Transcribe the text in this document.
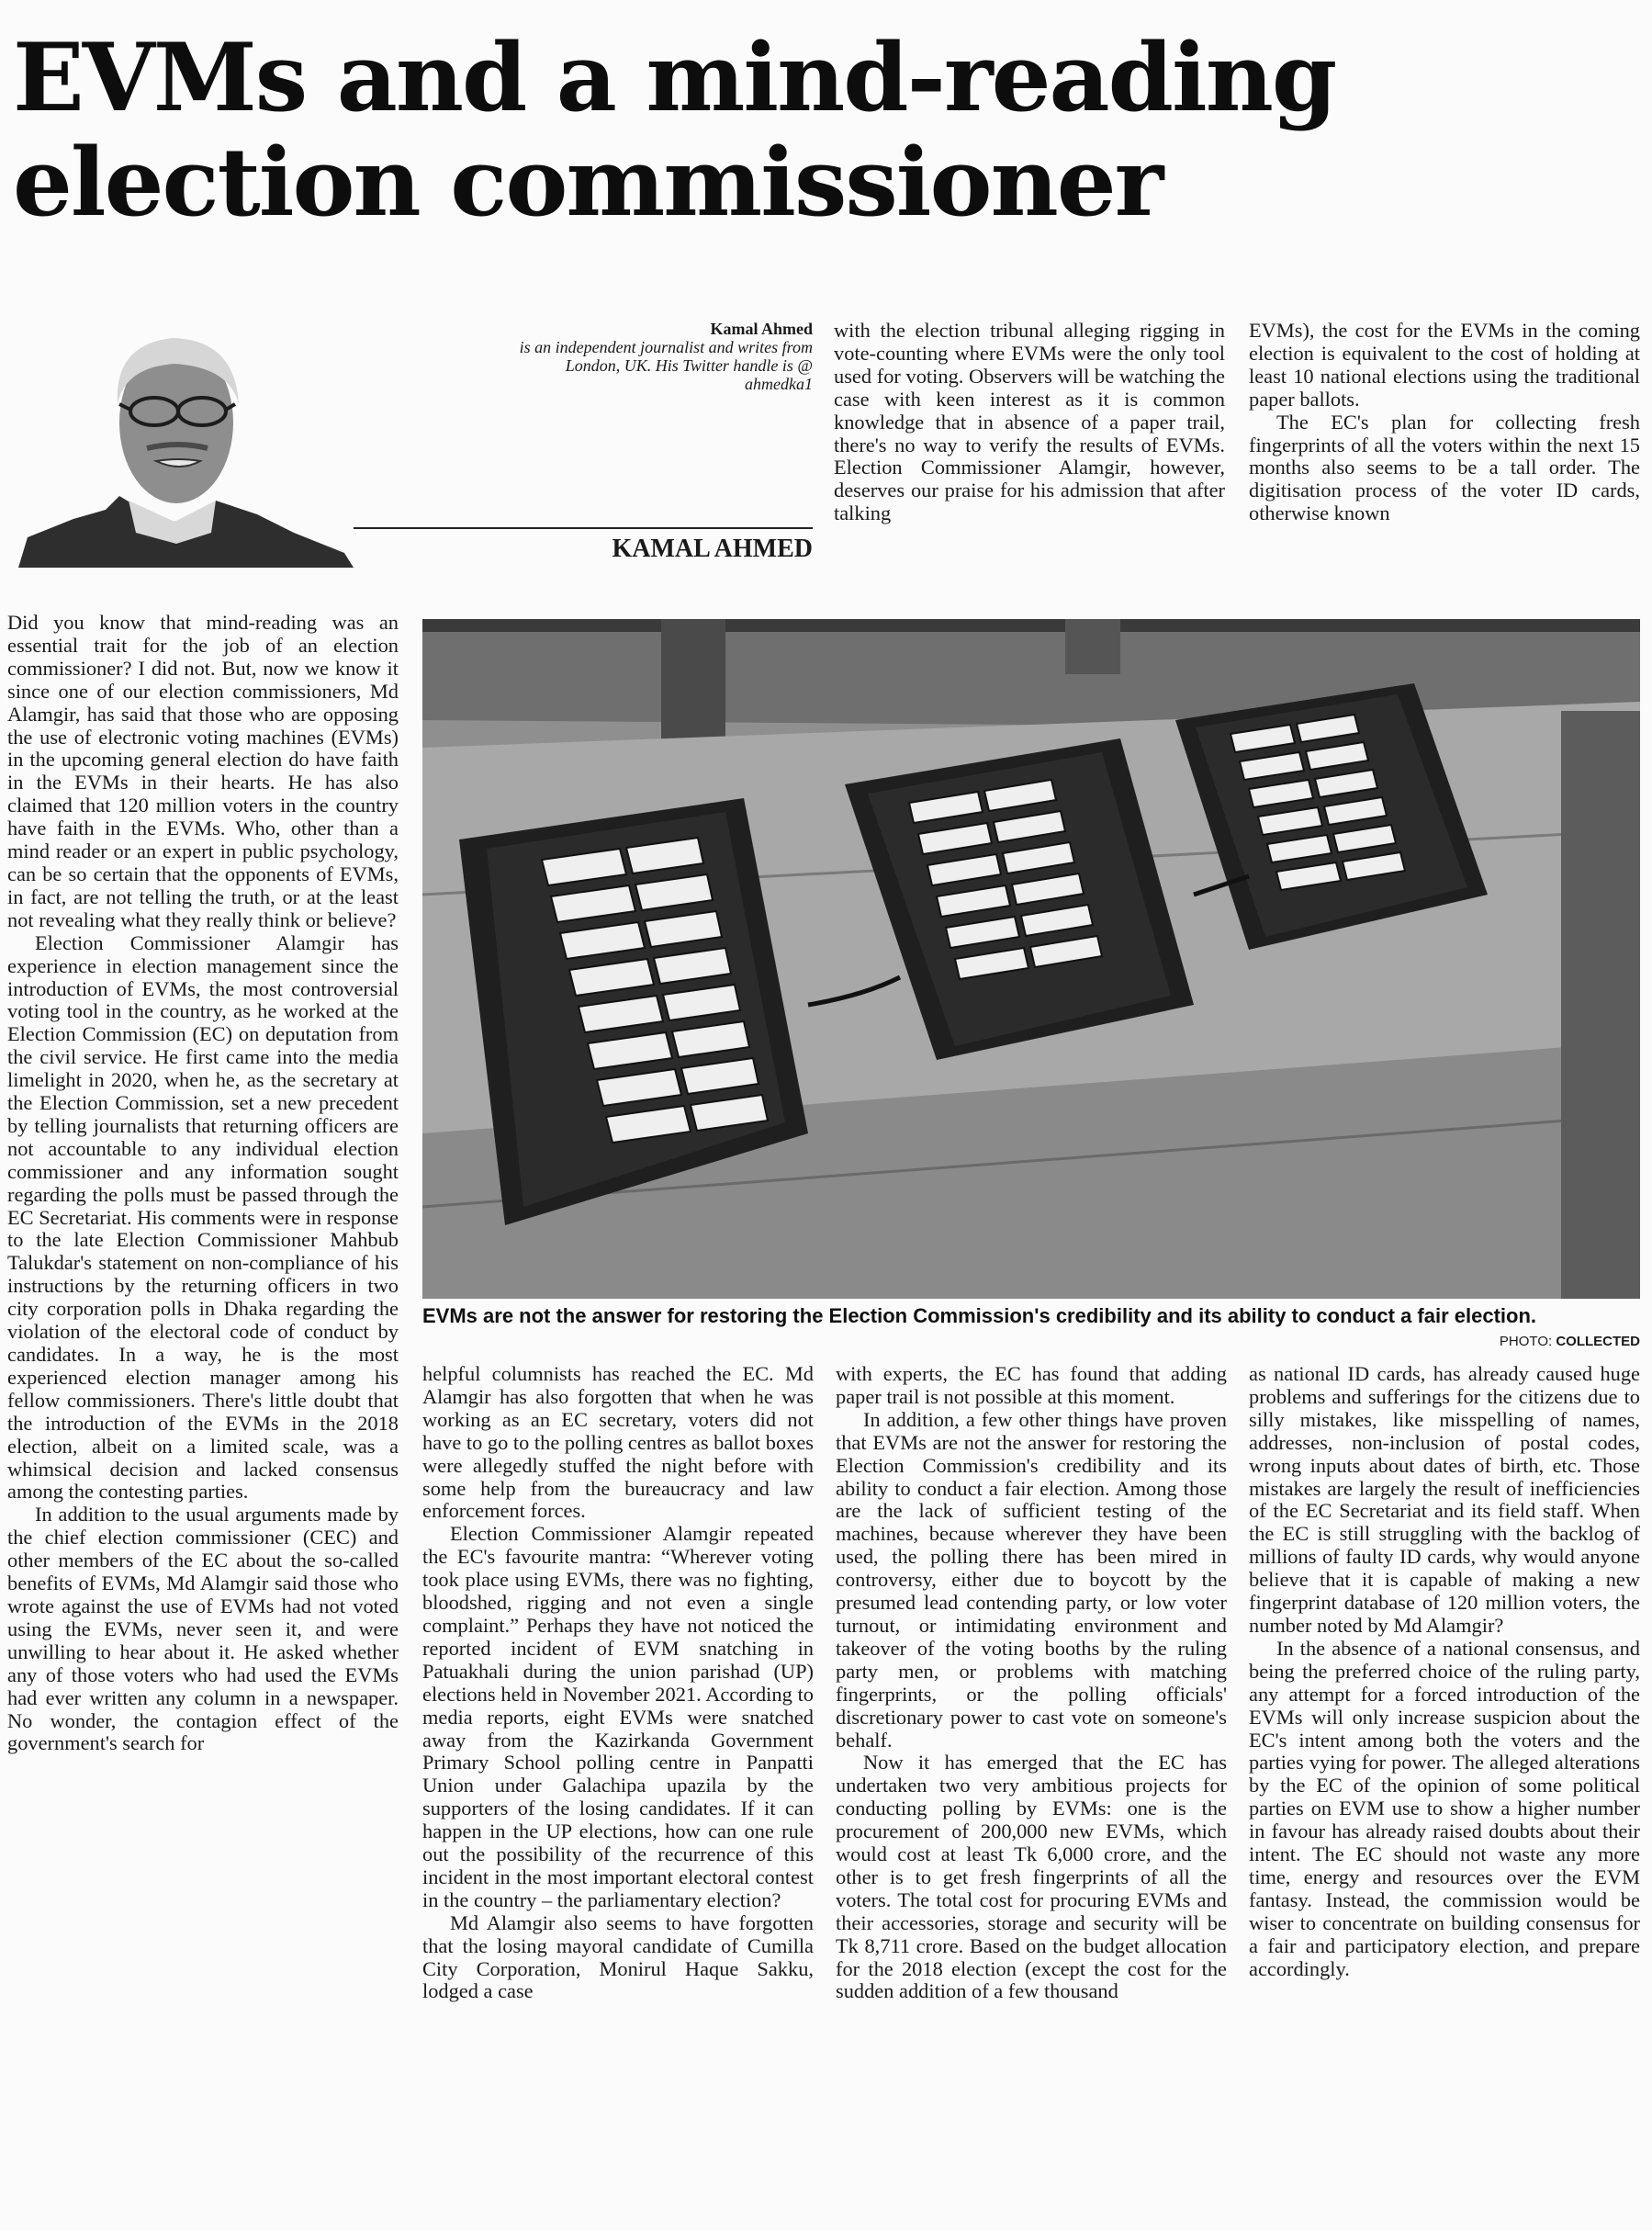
EVMs and a mind-reading election commissioner
Kamal Ahmed
is an independent journalist and writes from London, UK. His Twitter handle is @ ahmedka1
KAMAL AHMED

with the election tribunal alleging rigging in vote-counting where EVMs were the only tool used for voting. Observers will be watching the case with keen interest as it is common knowledge that in absence of a paper trail, there's no way to verify the results of EVMs. Election Commissioner Alamgir, however, deserves our praise for his admission that after talking

EVMs), the cost for the EVMs in the coming election is equivalent to the cost of holding at least 10 national elections using the traditional paper ballots.

The EC's plan for collecting fresh fingerprints of all the voters within the next 15 months also seems to be a tall order. The digitisation process of the voter ID cards, otherwise known

Did you know that mind-reading was an essential trait for the job of an election commissioner? I did not. But, now we know it since one of our election commissioners, Md Alamgir, has said that those who are opposing the use of electronic voting machines (EVMs) in the upcoming general election do have faith in the EVMs in their hearts. He has also claimed that 120 million voters in the country have faith in the EVMs. Who, other than a mind reader or an expert in public psychology, can be so certain that the opponents of EVMs, in fact, are not telling the truth, or at the least not revealing what they really think or believe?

Election Commissioner Alamgir has experience in election management since the introduction of EVMs, the most controversial voting tool in the country, as he worked at the Election Commission (EC) on deputation from the civil service. He first came into the media limelight in 2020, when he, as the secretary at the Election Commission, set a new precedent by telling journalists that returning officers are not accountable to any individual election commissioner and any information sought regarding the polls must be passed through the EC Secretariat. His comments were in response to the late Election Commissioner Mahbub Talukdar's statement on non-compliance of his instructions by the returning officers in two city corporation polls in Dhaka regarding the violation of the electoral code of conduct by candidates. In a way, he is the most experienced election manager among his fellow commissioners. There's little doubt that the introduction of the EVMs in the 2018 election, albeit on a limited scale, was a whimsical decision and lacked consensus among the contesting parties.

In addition to the usual arguments made by the chief election commissioner (CEC) and other members of the EC about the so-called benefits of EVMs, Md Alamgir said those who wrote against the use of EVMs had not voted using the EVMs, never seen it, and were unwilling to hear about it. He asked whether any of those voters who had used the EVMs had ever written any column in a newspaper. No wonder, the contagion effect of the government's search for

EVMs are not the answer for restoring the Election Commission's credibility and its ability to conduct a fair election.
PHOTO: COLLECTED

helpful columnists has reached the EC. Md Alamgir has also forgotten that when he was working as an EC secretary, voters did not have to go to the polling centres as ballot boxes were allegedly stuffed the night before with some help from the bureaucracy and law enforcement forces.

Election Commissioner Alamgir repeated the EC's favourite mantra: “Wherever voting took place using EVMs, there was no fighting, bloodshed, rigging and not even a single complaint.” Perhaps they have not noticed the reported incident of EVM snatching in Patuakhali during the union parishad (UP) elections held in November 2021. According to media reports, eight EVMs were snatched away from the Kazirkanda Government Primary School polling centre in Panpatti Union under Galachipa upazila by the supporters of the losing candidates. If it can happen in the UP elections, how can one rule out the possibility of the recurrence of this incident in the most important electoral contest in the country – the parliamentary election?

Md Alamgir also seems to have forgotten that the losing mayoral candidate of Cumilla City Corporation, Monirul Haque Sakku, lodged a case

with experts, the EC has found that adding paper trail is not possible at this moment.

In addition, a few other things have proven that EVMs are not the answer for restoring the Election Commission's credibility and its ability to conduct a fair election. Among those are the lack of sufficient testing of the machines, because wherever they have been used, the polling there has been mired in controversy, either due to boycott by the presumed lead contending party, or low voter turnout, or intimidating environment and takeover of the voting booths by the ruling party men, or problems with matching fingerprints, or the polling officials' discretionary power to cast vote on someone's behalf.

Now it has emerged that the EC has undertaken two very ambitious projects for conducting polling by EVMs: one is the procurement of 200,000 new EVMs, which would cost at least Tk 6,000 crore, and the other is to get fresh fingerprints of all the voters. The total cost for procuring EVMs and their accessories, storage and security will be Tk 8,711 crore. Based on the budget allocation for the 2018 election (except the cost for the sudden addition of a few thousand

as national ID cards, has already caused huge problems and sufferings for the citizens due to silly mistakes, like misspelling of names, addresses, non-inclusion of postal codes, wrong inputs about dates of birth, etc. Those mistakes are largely the result of inefficiencies of the EC Secretariat and its field staff. When the EC is still struggling with the backlog of millions of faulty ID cards, why would anyone believe that it is capable of making a new fingerprint database of 120 million voters, the number noted by Md Alamgir?

In the absence of a national consensus, and being the preferred choice of the ruling party, any attempt for a forced introduction of the EVMs will only increase suspicion about the EC's intent among both the voters and the parties vying for power. The alleged alterations by the EC of the opinion of some political parties on EVM use to show a higher number in favour has already raised doubts about their intent. The EC should not waste any more time, energy and resources over the EVM fantasy. Instead, the commission would be wiser to concentrate on building consensus for a fair and participatory election, and prepare accordingly.
